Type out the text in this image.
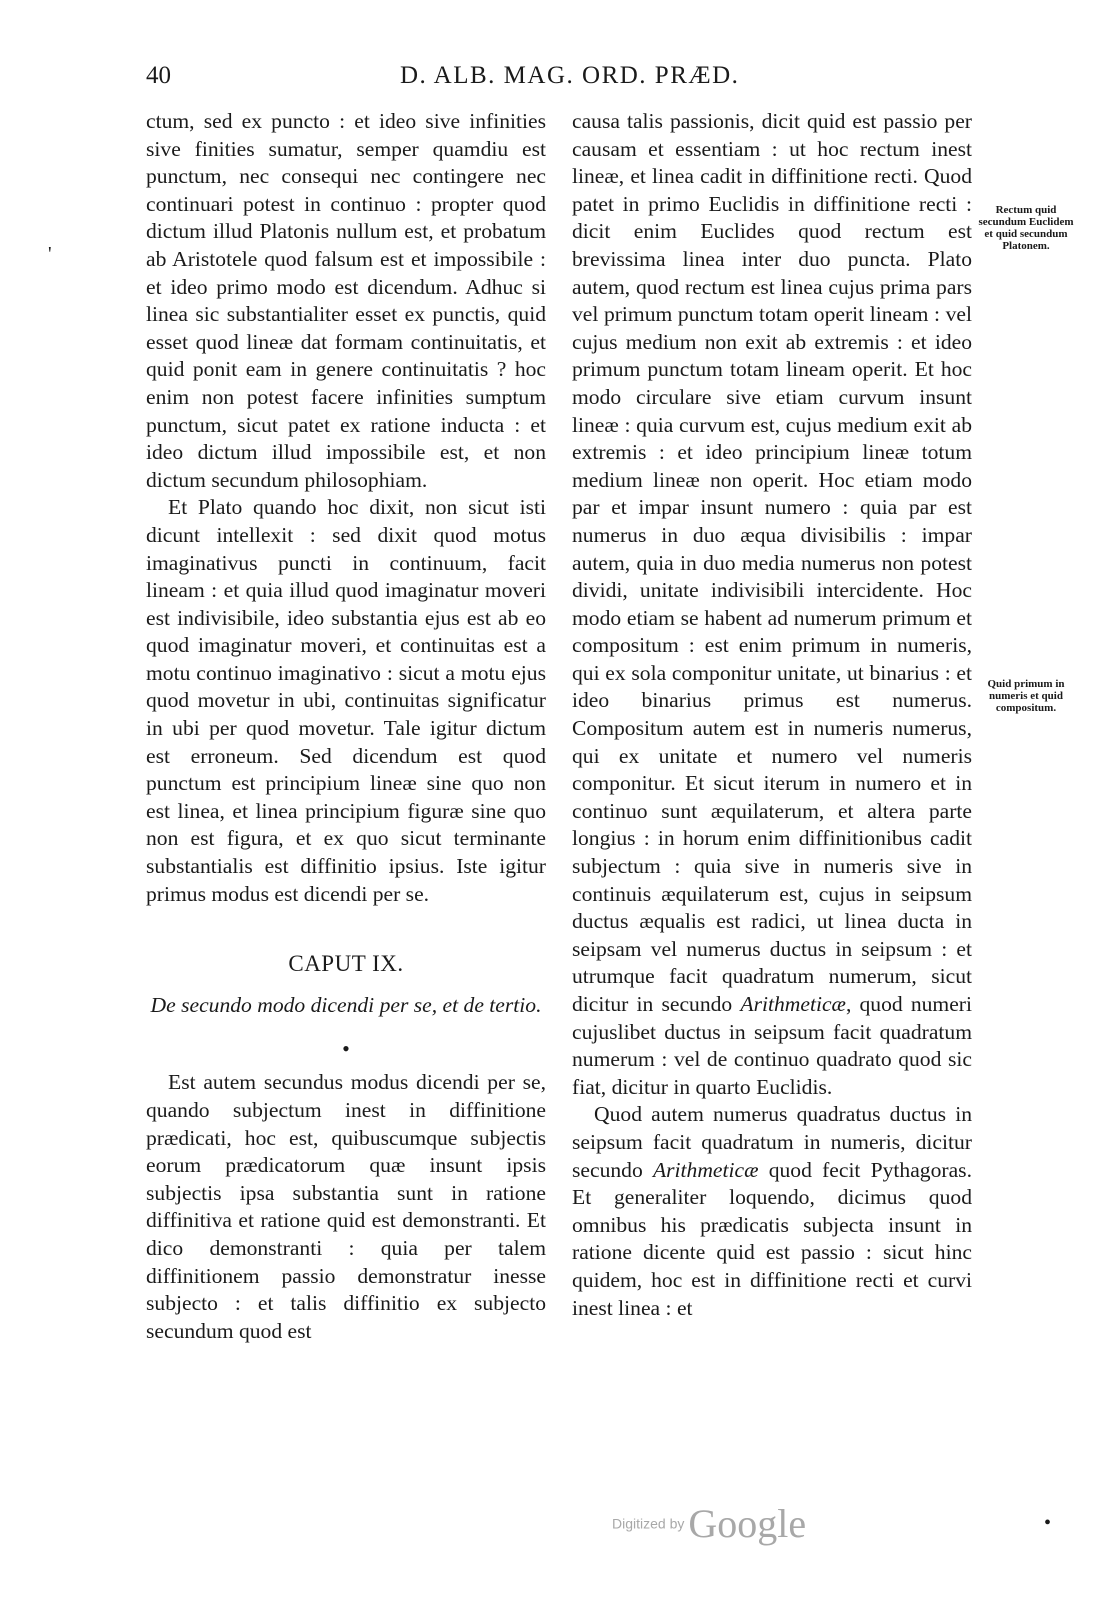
40	D. ALB. MAG. ORD. PRÆD.

ctum, sed ex puncto : et ideo sive infinities sive finities sumatur, semper quamdiu est punctum, nec consequi nec contingere nec continuari potest in continuo : propter quod dictum illud Platonis nullum est, et probatum ab Aristotele quod falsum est et impossibile : et ideo primo modo est dicendum. Adhuc si linea sic substantialiter esset ex punctis, quid esset quod lineæ dat formam continuitatis, et quid ponit eam in genere continuitatis ? hoc enim non potest facere infinities sumptum punctum, sicut patet ex ratione inducta : et ideo dictum illud impossibile est, et non dictum secundum philosophiam.

Et Plato quando hoc dixit, non sicut isti dicunt intellexit : sed dixit quod motus imaginativus puncti in continuum, facit lineam : et quia illud quod imaginatur moveri est indivisibile, ideo substantia ejus est ab eo quod imaginatur moveri, et continuitas est a motu continuo imaginativo : sicut a motu ejus quod movetur in ubi, continuitas significatur in ubi per quod movetur. Tale igitur dictum est erroneum. Sed dicendum est quod punctum est principium lineæ sine quo non est linea, et linea principium figuræ sine quo non est figura, et ex quo sicut terminante substantialis est diffinitio ipsius. Iste igitur primus modus est dicendi per se.

CAPUT IX.

De secundo modo dicendi per se, et de tertio.

•

Est autem secundus modus dicendi per se, quando subjectum inest in diffinitione prædicati, hoc est, quibuscumque subjectis eorum prædicatorum quæ insunt ipsis subjectis ipsa substantia sunt in ratione diffinitiva et ratione quid est demonstranti. Et dico demonstranti : quia per talem diffinitionem passio demonstratur inesse subjecto : et talis diffinitio ex subjecto secundum quod est

causa talis passionis, dicit quid est passio per causam et essentiam : ut hoc rectum inest lineæ, et linea cadit in diffinitione recti. Quod patet in primo Euclidis in diffinitione recti : dicit enim Euclides quod rectum est brevissima linea inter duo puncta. Plato autem, quod rectum est linea cujus prima pars vel primum punctum totam operit lineam : vel cujus medium non exit ab extremis : et ideo primum punctum totam lineam operit. Et hoc modo circulare sive etiam curvum insunt lineæ : quia curvum est, cujus medium exit ab extremis : et ideo principium lineæ totum medium lineæ non operit. Hoc etiam modo par et impar insunt numero : quia par est numerus in duo æqua divisibilis : impar autem, quia in duo media numerus non potest dividi, unitate indivisibili intercidente. Hoc modo etiam se habent ad numerum primum et compositum : est enim primum in numeris, qui ex sola componitur unitate, ut binarius : et ideo binarius primus est numerus. Compositum autem est in numeris numerus, qui ex unitate et numero vel numeris componitur. Et sicut iterum in numero et in continuo sunt æquilaterum, et altera parte longius : in horum enim diffinitionibus cadit subjectum : quia sive in numeris sive in continuis æquilaterum est, cujus in seipsum ductus æqualis est radici, ut linea ducta in seipsam vel numerus ductus in seipsum : et utrumque facit quadratum numerum, sicut dicitur in secundo Arithmeticæ, quod numeri cujuslibet ductus in seipsum facit quadratum numerum : vel de continuo quadrato quod sic fiat, dicitur in quarto Euclidis.

Quod autem numerus quadratus ductus in seipsum facit quadratum in numeris, dicitur secundo Arithmeticæ quod fecit Pythagoras. Et generaliter loquendo, dicimus quod omnibus his prædicatis subjecta insunt in ratione dicente quid est passio : sicut hinc quidem, hoc est in diffinitione recti et curvi inest linea : et

Rectum quid secundum Euclidem et quid secundum Platonem.
Quid primum in numeris et quid compositum.
'
•
Digitized by Google
